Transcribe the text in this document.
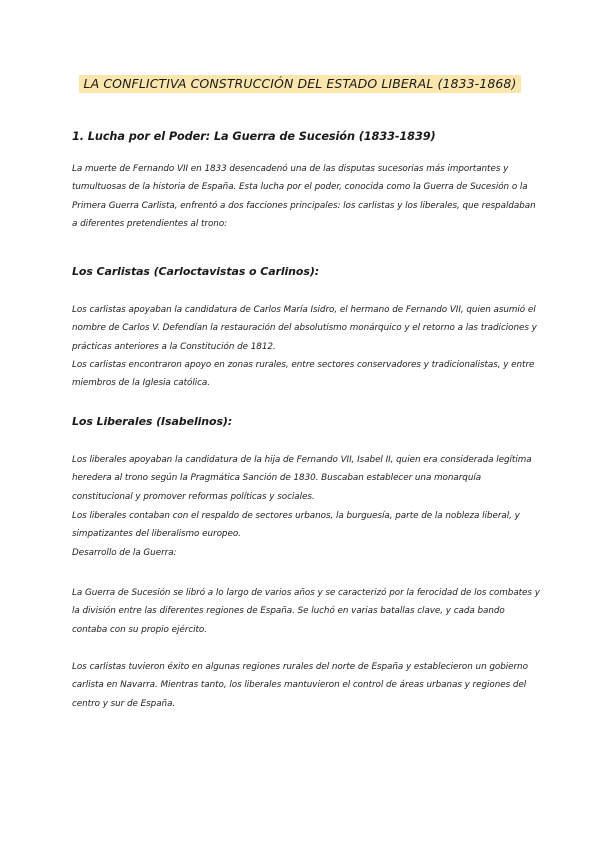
LA CONFLICTIVA CONSTRUCCIÓN DEL ESTADO LIBERAL (1833-1868)
1. Lucha por el Poder: La Guerra de Sucesión (1833-1839)

La muerte de Fernando VII en 1833 desencadenó una de las disputas sucesorias más importantes y tumultuosas de la historia de España. Esta lucha por el poder, conocida como la Guerra de Sucesión o la Primera Guerra Carlista, enfrentó a dos facciones principales: los carlistas y los liberales, que respaldaban a diferentes pretendientes al trono:

Los Carlistas (Carloctavistas o Carlinos):

Los carlistas apoyaban la candidatura de Carlos María Isidro, el hermano de Fernando VII, quien asumió el nombre de Carlos V. Defendían la restauración del absolutismo monárquico y el retorno a las tradiciones y prácticas anteriores a la Constitución de 1812.

Los carlistas encontraron apoyo en zonas rurales, entre sectores conservadores y tradicionalistas, y entre miembros de la Iglesia católica.

Los Liberales (Isabelinos):

Los liberales apoyaban la candidatura de la hija de Fernando VII, Isabel II, quien era considerada legítima heredera al trono según la Pragmática Sanción de 1830. Buscaban establecer una monarquía constitucional y promover reformas políticas y sociales.

Los liberales contaban con el respaldo de sectores urbanos, la burguesía, parte de la nobleza liberal, y simpatizantes del liberalismo europeo.

Desarrollo de la Guerra:

La Guerra de Sucesión se libró a lo largo de varios años y se caracterizó por la ferocidad de los combates y la división entre las diferentes regiones de España. Se luchó en varias batallas clave, y cada bando contaba con su propio ejército.

Los carlistas tuvieron éxito en algunas regiones rurales del norte de España y establecieron un gobierno carlista en Navarra. Mientras tanto, los liberales mantuvieron el control de áreas urbanas y regiones del centro y sur de España.
